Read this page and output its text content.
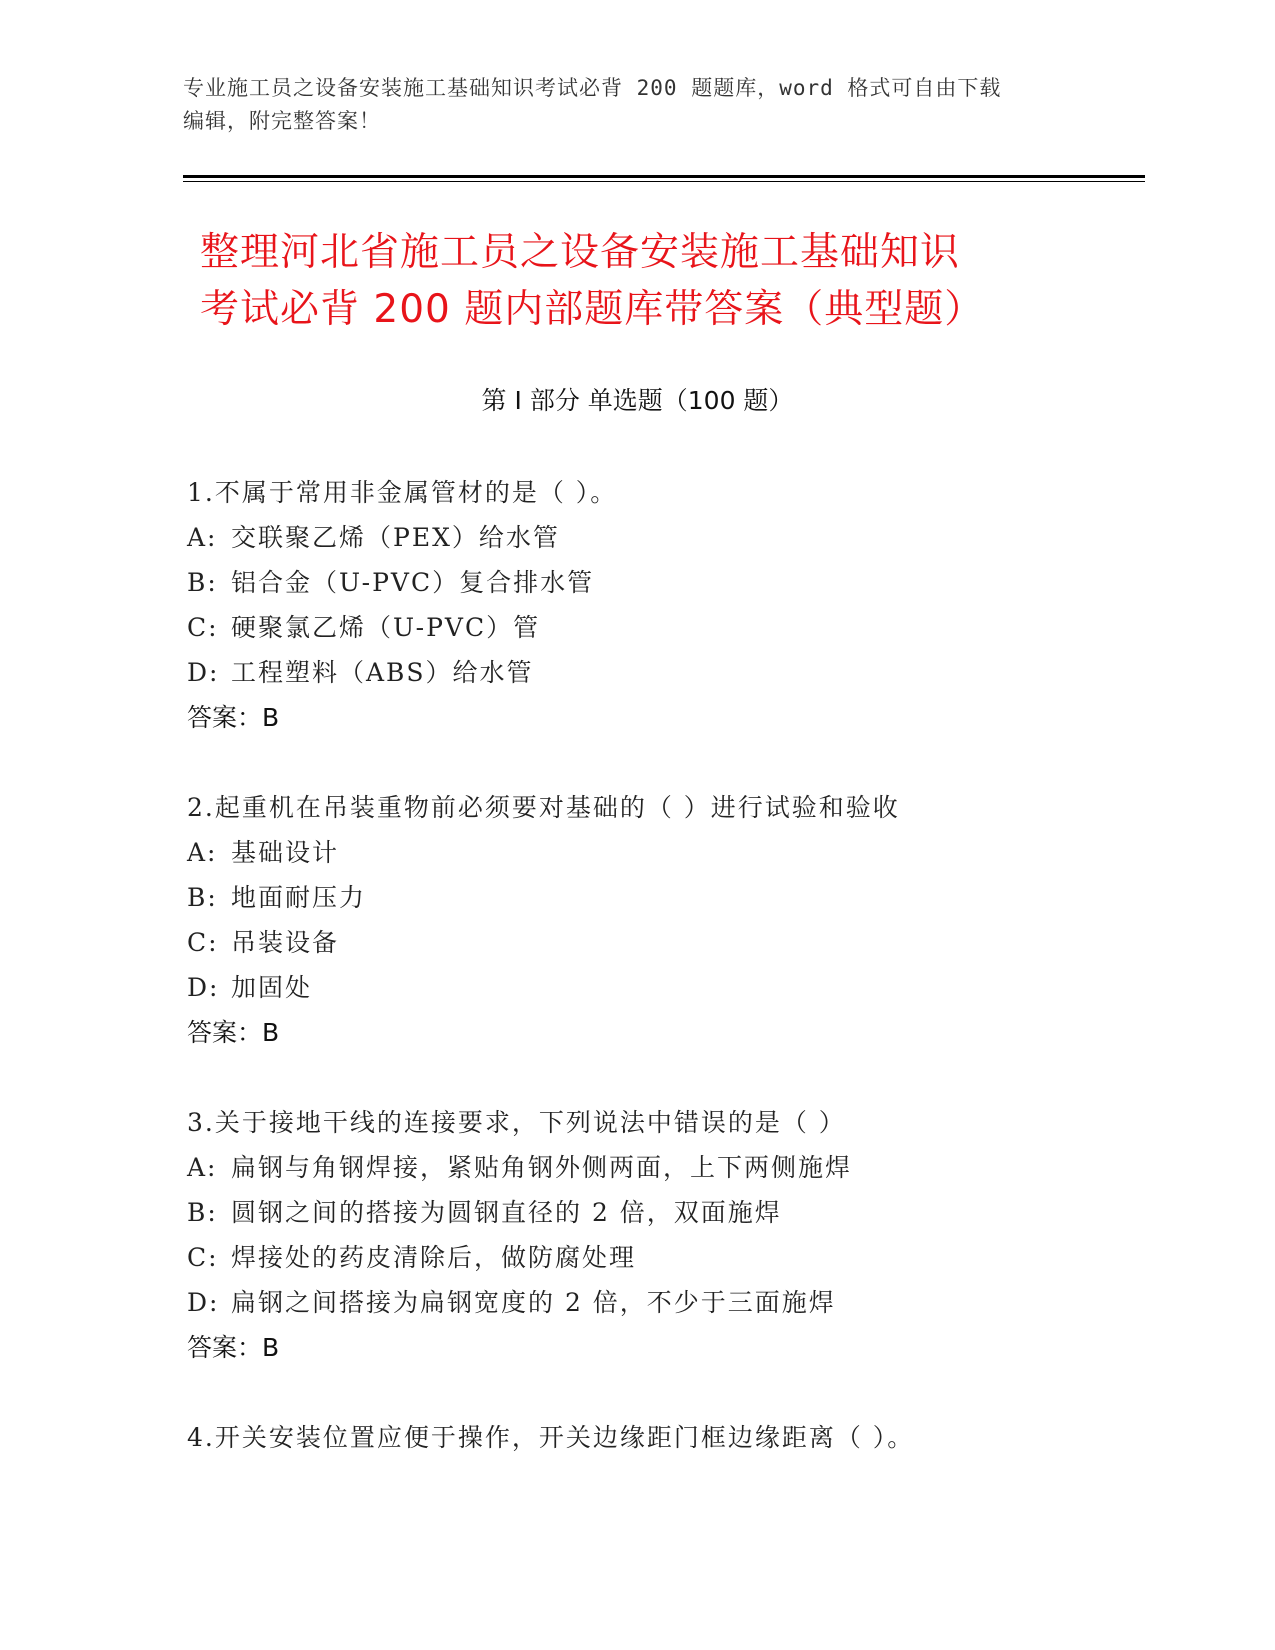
专业施工员之设备安装施工基础知识考试必背 200 题题库，word 格式可自由下载
编辑，附完整答案！
整理河北省施工员之设备安装施工基础知识
考试必背 200 题内部题库带答案（典型题）
第 I 部分 单选题（100 题）
1.不属于常用非金属管材的是（ ）。
A: 交联聚乙烯（PEX）给水管
B: 铝合金（U-PVC）复合排水管
C: 硬聚氯乙烯（U-PVC）管
D: 工程塑料（ABS）给水管
答案：B
2.起重机在吊装重物前必须要对基础的（ ）进行试验和验收
A: 基础设计
B: 地面耐压力
C: 吊装设备
D: 加固处
答案：B
3.关于接地干线的连接要求，下列说法中错误的是（ ）
A: 扁钢与角钢焊接，紧贴角钢外侧两面，上下两侧施焊
B: 圆钢之间的搭接为圆钢直径的 2 倍，双面施焊
C: 焊接处的药皮清除后，做防腐处理
D: 扁钢之间搭接为扁钢宽度的 2 倍，不少于三面施焊
答案：B
4.开关安装位置应便于操作，开关边缘距门框边缘距离（ ）。
